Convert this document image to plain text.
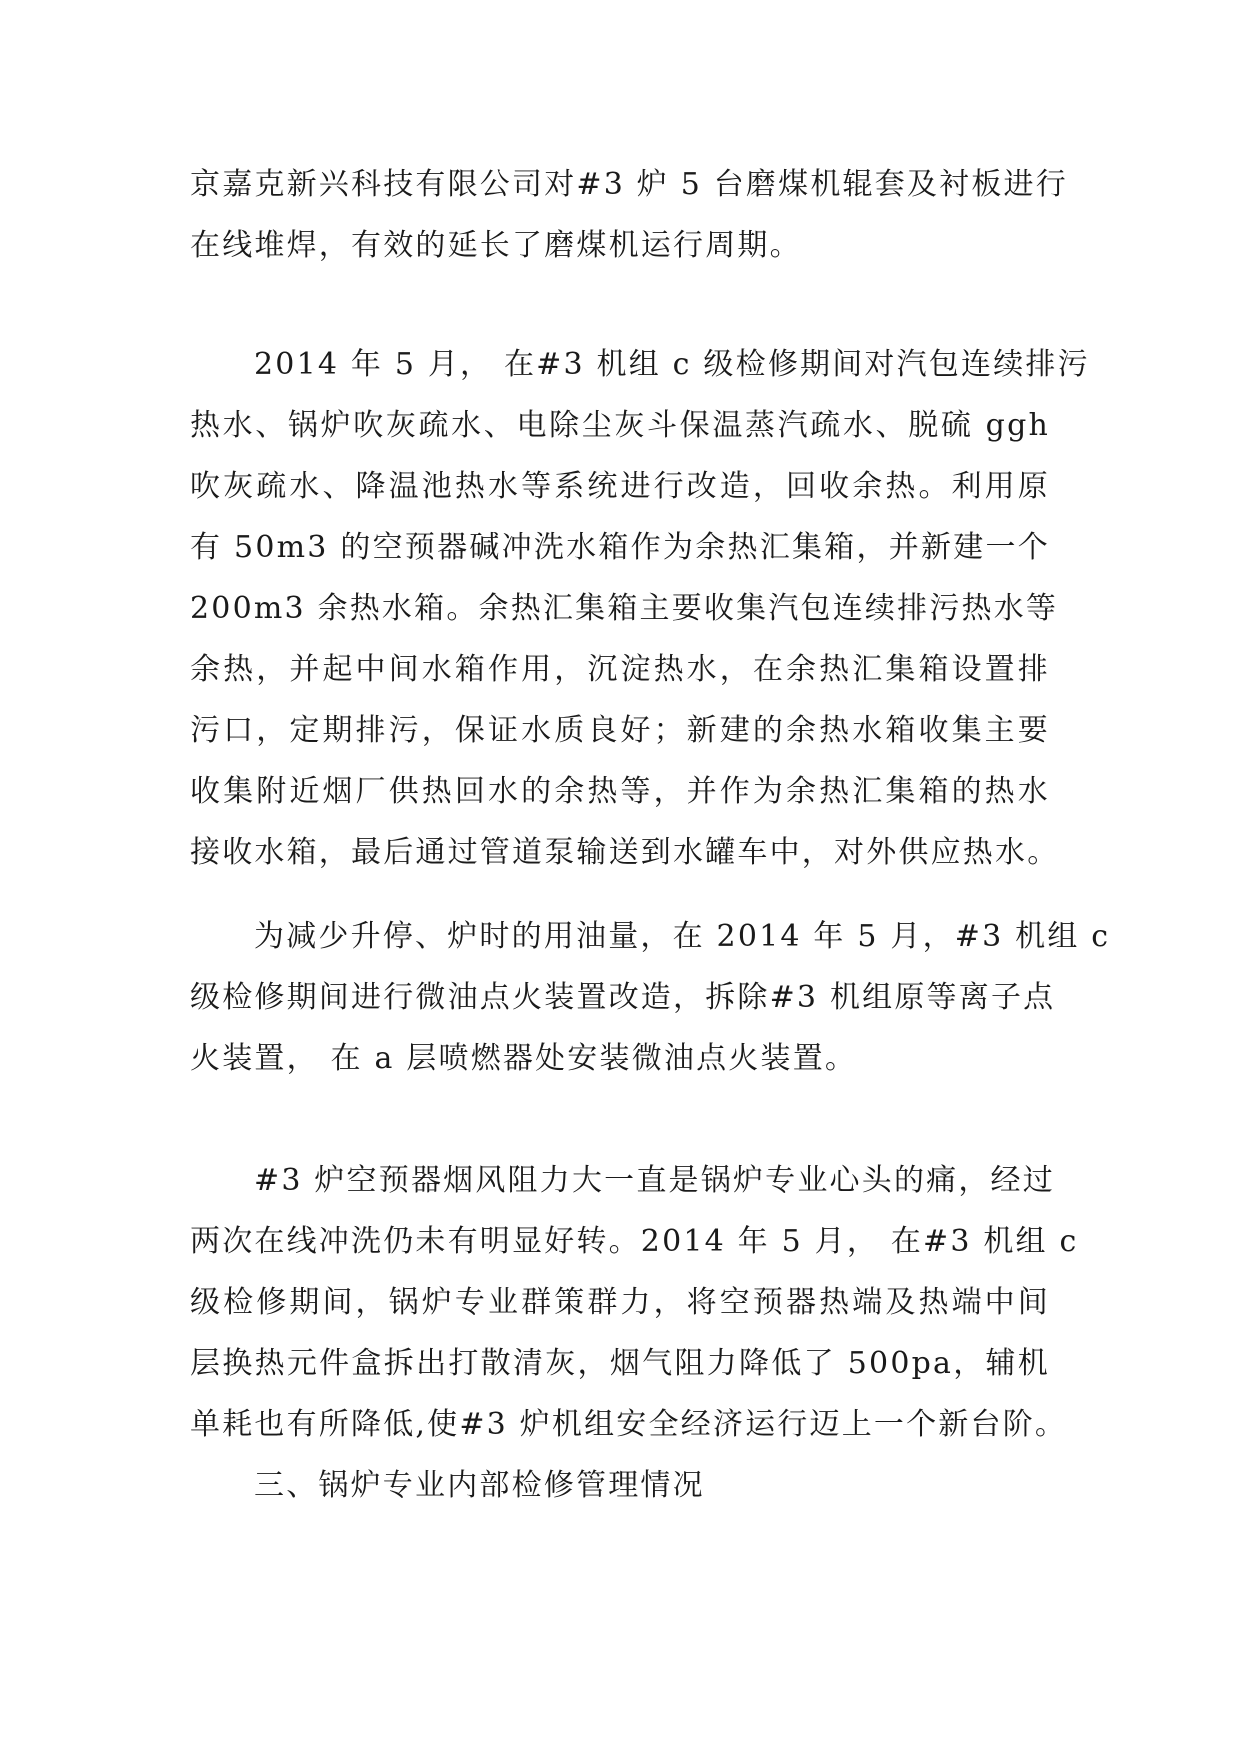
京嘉克新兴科技有限公司对#3 炉 5 台磨煤机辊套及衬板进行
在线堆焊，有效的延长了磨煤机运行周期。
2014 年 5 月， 在#3 机组 c 级检修期间对汽包连续排污
热水、锅炉吹灰疏水、电除尘灰斗保温蒸汽疏水、脱硫 ggh
吹灰疏水、降温池热水等系统进行改造，回收余热。利用原
有 50m3 的空预器碱冲洗水箱作为余热汇集箱，并新建一个
200m3 余热水箱。余热汇集箱主要收集汽包连续排污热水等
余热，并起中间水箱作用，沉淀热水，在余热汇集箱设置排
污口，定期排污，保证水质良好；新建的余热水箱收集主要
收集附近烟厂供热回水的余热等，并作为余热汇集箱的热水
接收水箱，最后通过管道泵输送到水罐车中，对外供应热水。
为减少升停、炉时的用油量，在 2014 年 5 月，#3 机组 c
级检修期间进行微油点火装置改造，拆除#3 机组原等离子点
火装置， 在 a 层喷燃器处安装微油点火装置。
#3 炉空预器烟风阻力大一直是锅炉专业心头的痛，经过
两次在线冲洗仍未有明显好转。2014 年 5 月， 在#3 机组 c
级检修期间，锅炉专业群策群力，将空预器热端及热端中间
层换热元件盒拆出打散清灰，烟气阻力降低了 500pa，辅机
单耗也有所降低,使#3 炉机组安全经济运行迈上一个新台阶。
三、锅炉专业内部检修管理情况
